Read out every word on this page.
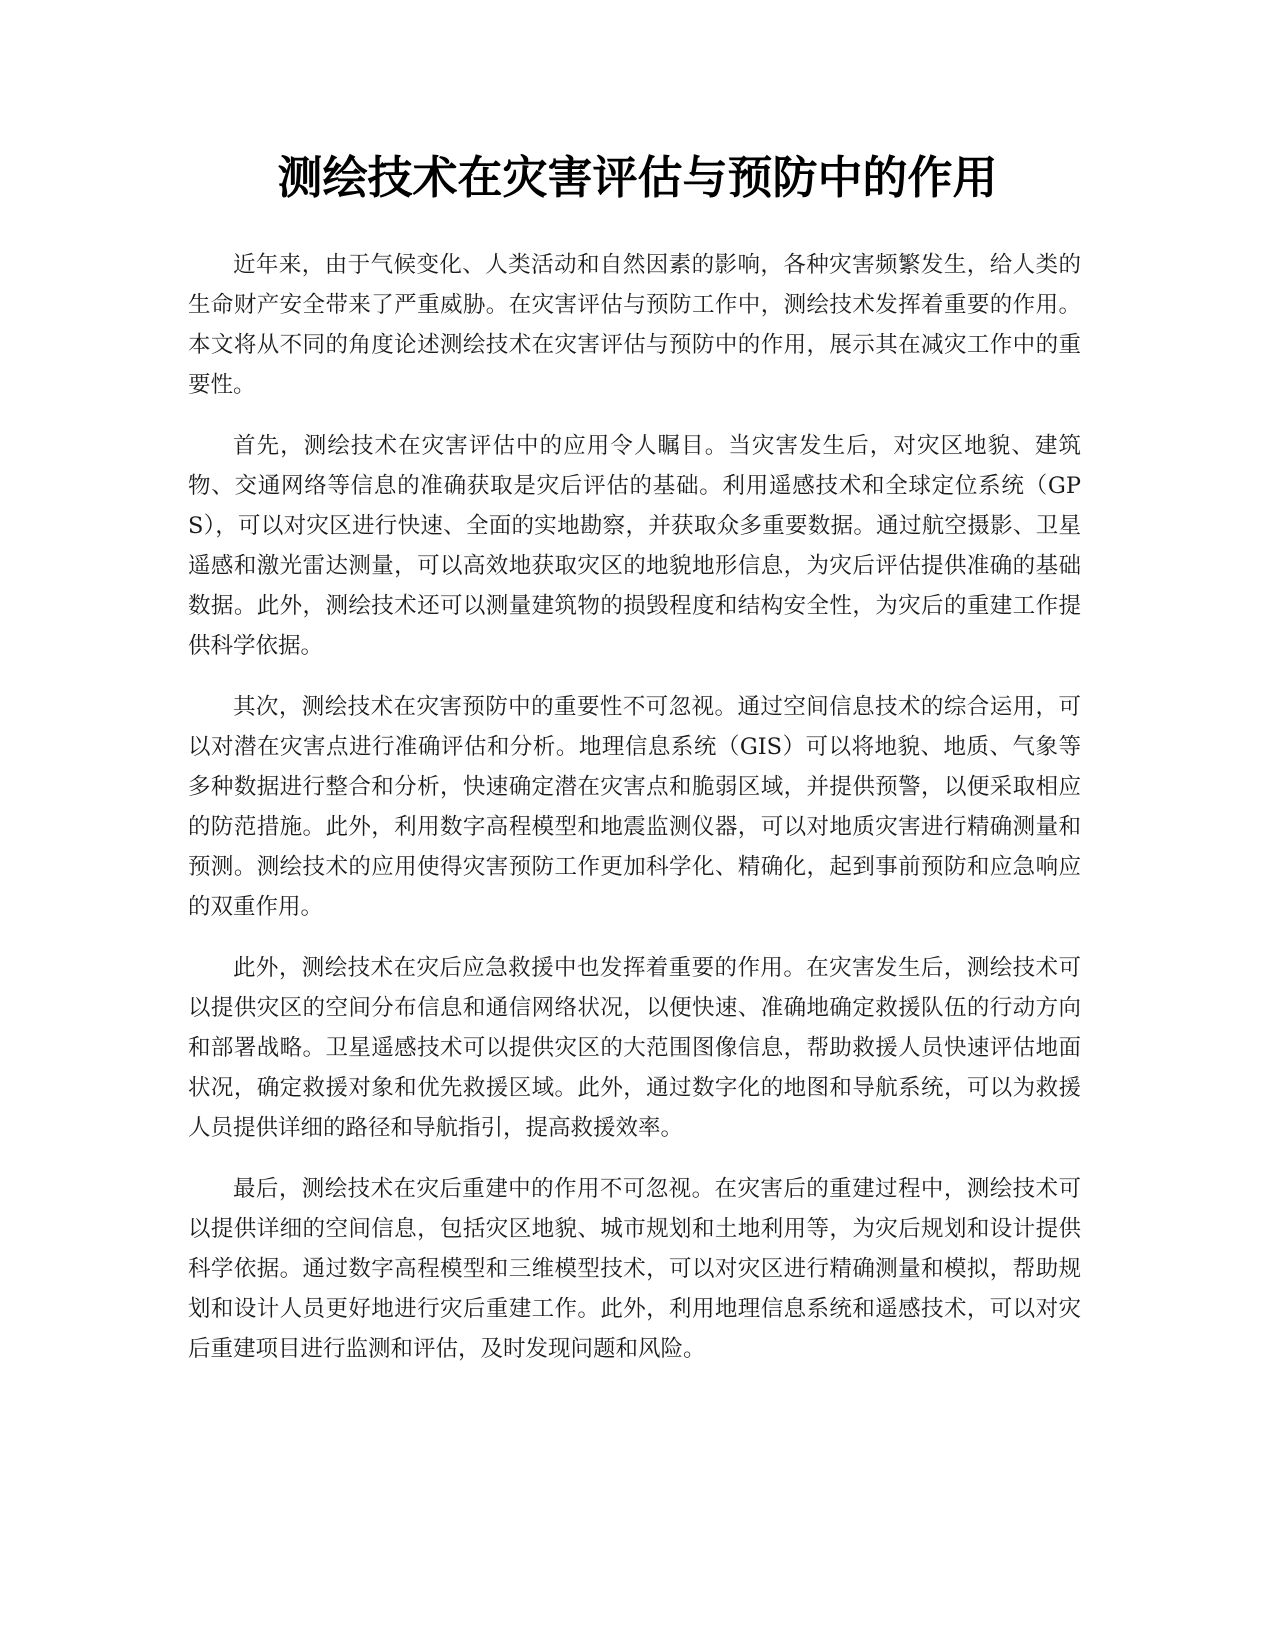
测绘技术在灾害评估与预防中的作用

近年来，由于气候变化、人类活动和自然因素的影响，各种灾害频繁发生，给人类的生命财产安全带来了严重威胁。在灾害评估与预防工作中，测绘技术发挥着重要的作用。本文将从不同的角度论述测绘技术在灾害评估与预防中的作用，展示其在减灾工作中的重要性。

首先，测绘技术在灾害评估中的应用令人瞩目。当灾害发生后，对灾区地貌、建筑物、交通网络等信息的准确获取是灾后评估的基础。利用遥感技术和全球定位系统（GPS），可以对灾区进行快速、全面的实地勘察，并获取众多重要数据。通过航空摄影、卫星遥感和激光雷达测量，可以高效地获取灾区的地貌地形信息，为灾后评估提供准确的基础数据。此外，测绘技术还可以测量建筑物的损毁程度和结构安全性，为灾后的重建工作提供科学依据。

其次，测绘技术在灾害预防中的重要性不可忽视。通过空间信息技术的综合运用，可以对潜在灾害点进行准确评估和分析。地理信息系统（GIS）可以将地貌、地质、气象等多种数据进行整合和分析，快速确定潜在灾害点和脆弱区域，并提供预警，以便采取相应的防范措施。此外，利用数字高程模型和地震监测仪器，可以对地质灾害进行精确测量和预测。测绘技术的应用使得灾害预防工作更加科学化、精确化，起到事前预防和应急响应的双重作用。

此外，测绘技术在灾后应急救援中也发挥着重要的作用。在灾害发生后，测绘技术可以提供灾区的空间分布信息和通信网络状况，以便快速、准确地确定救援队伍的行动方向和部署战略。卫星遥感技术可以提供灾区的大范围图像信息，帮助救援人员快速评估地面状况，确定救援对象和优先救援区域。此外，通过数字化的地图和导航系统，可以为救援人员提供详细的路径和导航指引，提高救援效率。

最后，测绘技术在灾后重建中的作用不可忽视。在灾害后的重建过程中，测绘技术可以提供详细的空间信息，包括灾区地貌、城市规划和土地利用等，为灾后规划和设计提供科学依据。通过数字高程模型和三维模型技术，可以对灾区进行精确测量和模拟，帮助规划和设计人员更好地进行灾后重建工作。此外，利用地理信息系统和遥感技术，可以对灾后重建项目进行监测和评估，及时发现问题和风险。
